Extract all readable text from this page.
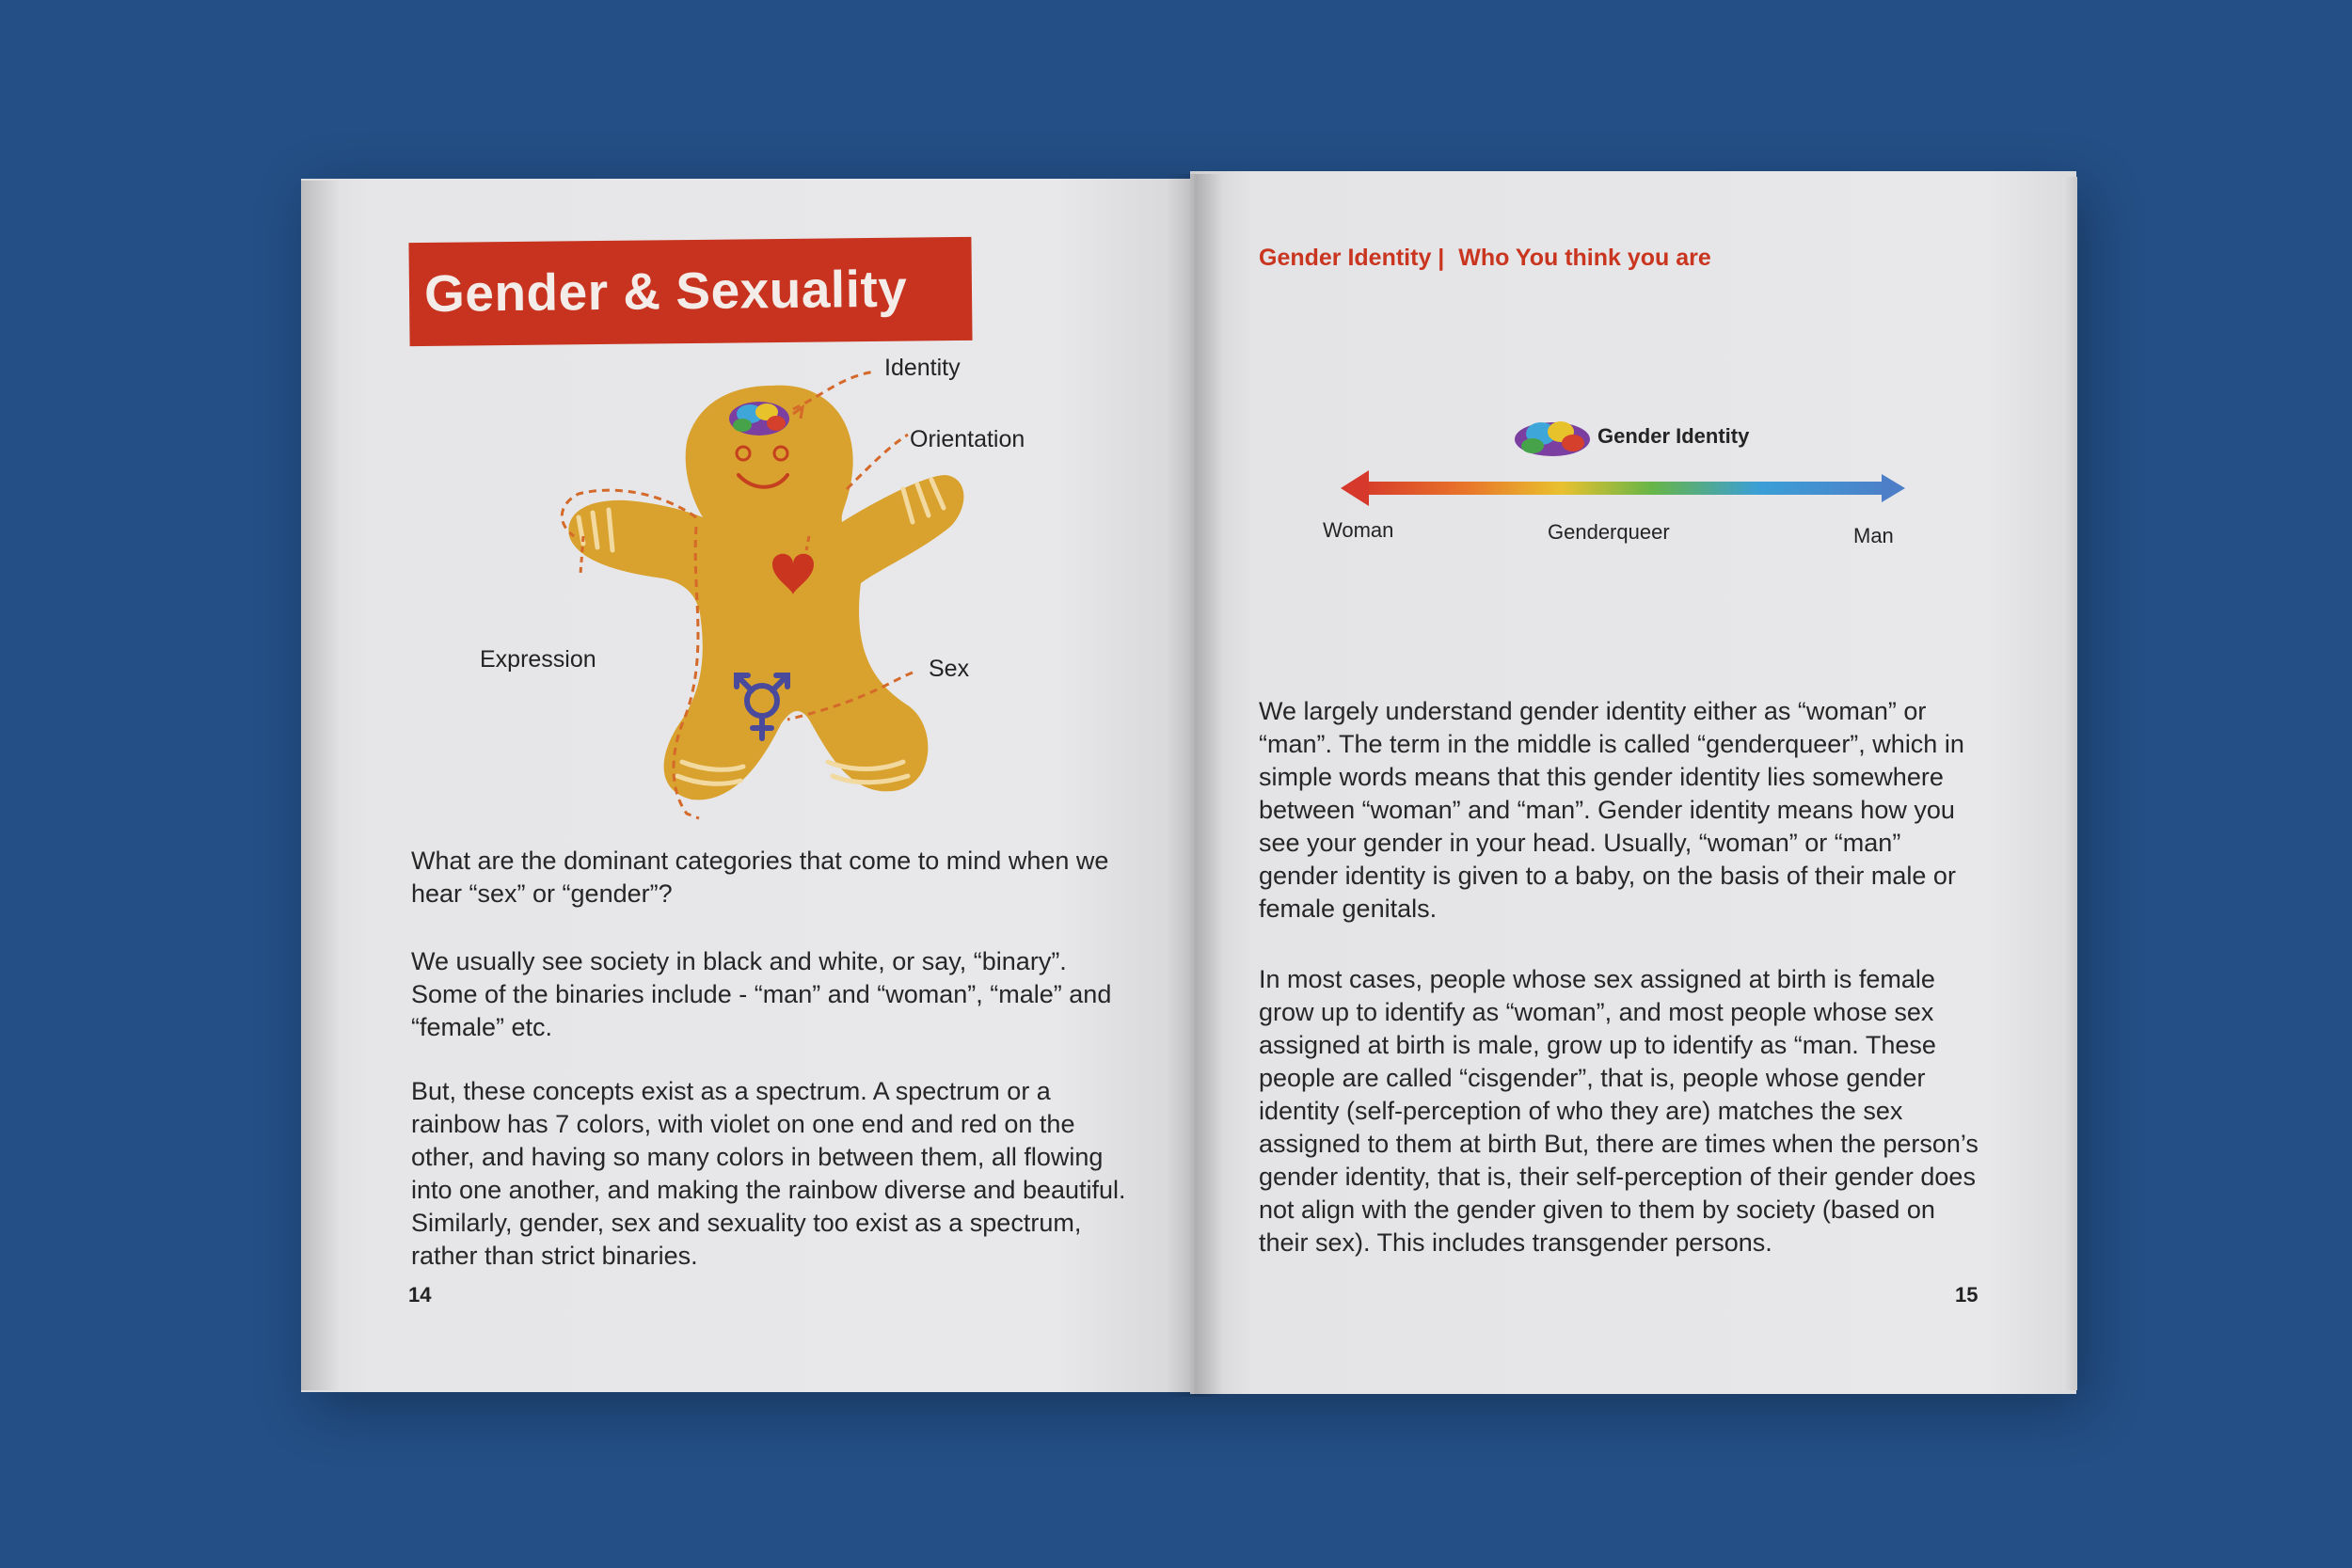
Gender & Sexuality
Identity
Orientation
Expression	Sex

What are the dominant categories that come to mind when we hear “sex” or “gender”?

We usually see society in black and white, or say, “binary”. Some of the binaries include - “man” and “woman”, “male” and “female” etc.

But, these concepts exist as a spectrum. A spectrum or a rainbow has 7 colors, with violet on one end and red on the other, and having so many colors in between them, all flowing into one another, and making the rainbow diverse and beautiful. Similarly, gender, sex and sexuality too exist as a spectrum, rather than strict binaries.

14
Gender Identity | Who You think you are
Gender Identity
Woman	Genderqueer	Man

We largely understand gender identity either as “woman” or “man”. The term in the middle is called “genderqueer”, which in simple words means that this gender identity lies somewhere between “woman” and “man”. Gender identity means how you see your gender in your head. Usually, “woman” or “man” gender identity is given to a baby, on the basis of their male or female genitals.

In most cases, people whose sex assigned at birth is female grow up to identify as “woman”, and most people whose sex assigned at birth is male, grow up to identify as “man. These people are called “cisgender”, that is, people whose gender identity (self-perception of who they are) matches the sex assigned to them at birth But, there are times when the person’s gender identity, that is, their self-perception of their gender does not align with the gender given to them by society (based on their sex). This includes transgender persons.

15
